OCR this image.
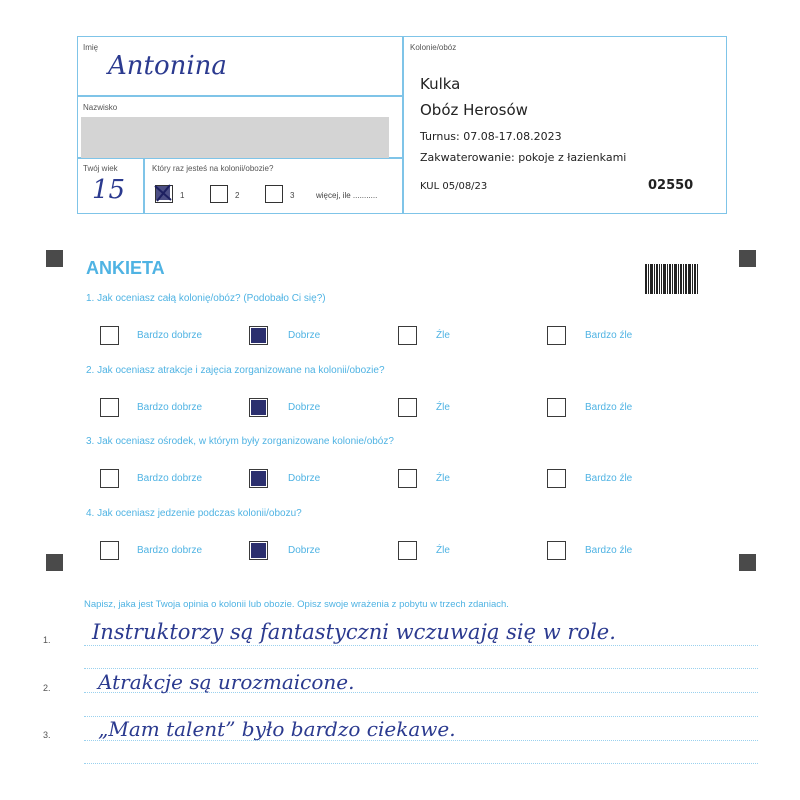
Imię
Antonina
Nazwisko
Twój wiek
15
Który raz jesteś na kolonii/obozie?
1	2	3	więcej, ile ...........
Kolonie/obóz
Kulka
Obóz Herosów
Turnus: 07.08-17.08.2023
Zakwaterowanie: pokoje z łazienkami
KUL 05/08/23	02550
ANKIETA
1. Jak oceniasz całą kolonię/obóz? (Podobało Ci się?)
Bardzo dobrze	Dobrze	Źle	Bardzo źle
2. Jak oceniasz atrakcje i zajęcia zorganizowane na kolonii/obozie?
Bardzo dobrze	Dobrze	Źle	Bardzo źle
3. Jak oceniasz ośrodek, w którym były zorganizowane kolonie/obóz?
Bardzo dobrze	Dobrze	Źle	Bardzo źle
4. Jak oceniasz jedzenie podczas kolonii/obozu?
Bardzo dobrze	Dobrze	Źle	Bardzo źle
Napisz, jaka jest Twoja opinia o kolonii lub obozie. Opisz swoje wrażenia z pobytu w trzech zdaniach.
1.
2.
3.
Instruktorzy są fantastyczni wczuwają się w role.
Atrakcje są urozmaicone.
„Mam talent” było bardzo ciekawe.
